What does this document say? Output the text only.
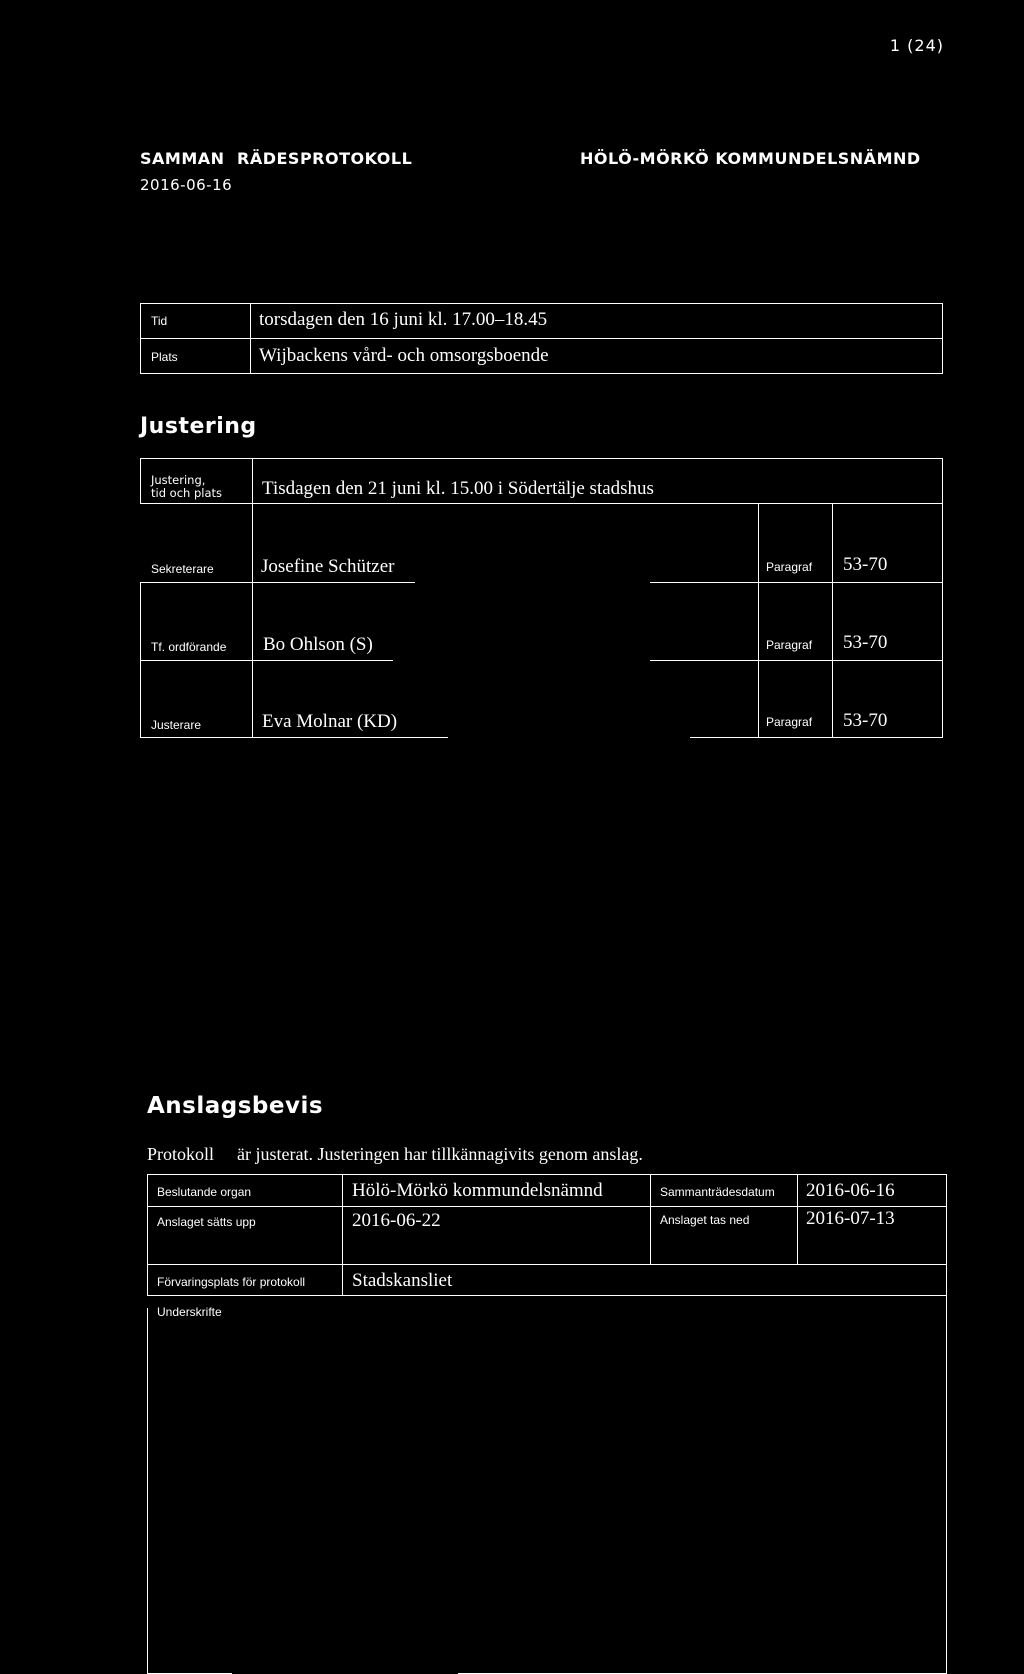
1 (24)
SAMMAN RÄDESPROTOKOLL
2016-06-16
HÖLÖ-MÖRKÖ KOMMUNDELSNÄMND
Tid	torsdagen den 16 juni kl. 17.00–18.45
Plats	Wijbackens vård- och omsorgsboende
Justering
Justering,
tid och plats Tisdagen den 21 juni kl. 15.00 i Södertälje stadshus
Sekreterare Josefine Schützer	Paragraf 53-70
Tf. ordförande Bo Ohlson (S)	Paragraf 53-70
Justerare	Eva Molnar (KD)	Paragraf 53-70
Anslagsbevis
Protokoll är justerat. Justeringen har tillkännagivits genom anslag.
Beslutande organ	Hölö-Mörkö kommundelsnämnd	Sammanträdesdatum 2016-06-16
Anslaget sätts upp	2016-06-22	Anslaget tas ned	2016-07-13
Förvaringsplats för protokoll Stadskansliet
Underskrifte
